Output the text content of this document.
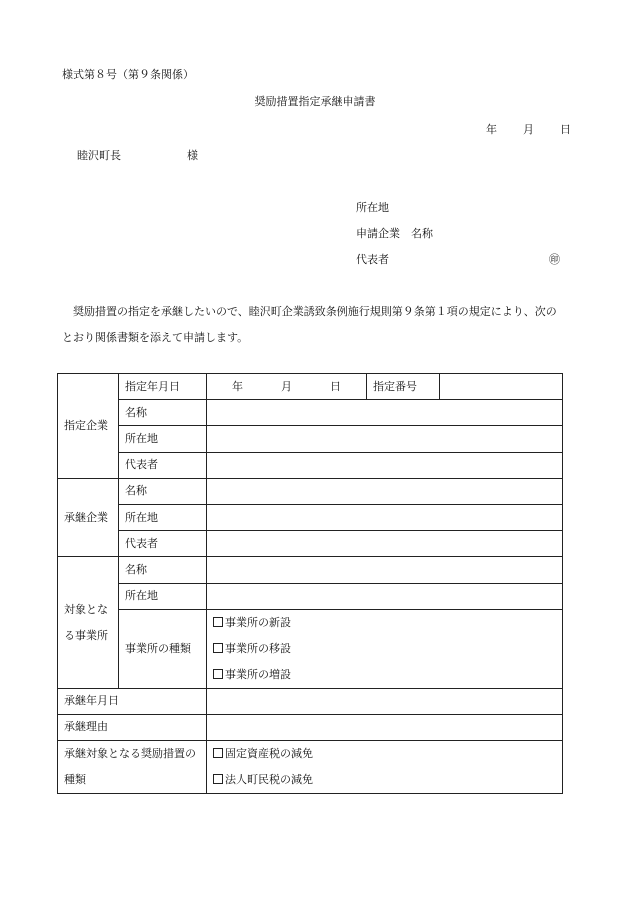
様式第８号（第９条関係）
奨励措置指定承継申請書
年 月 日
睦沢町長	様
所在地
申請企業　名称
代表者	㊞

奨励措置の指定を承継したいので、睦沢町企業誘致条例施行規則第９条第１項の規定により、次の

とおり関係書類を添えて申請します。

指定企業	指定年月日	年 月 日	指定番号	
	名称			
	所在地			
	代表者			
承継企業	名称			
	所在地			
	代表者			
対象とな
る事業所	名称			
	所在地			
	事業所の種類	事業所の新設
事業所の移設
事業所の増設		

承継年月日				
承継理由				
承継対象となる奨励措置の
種類		固定資産税の減免
法人町民税の減免		
